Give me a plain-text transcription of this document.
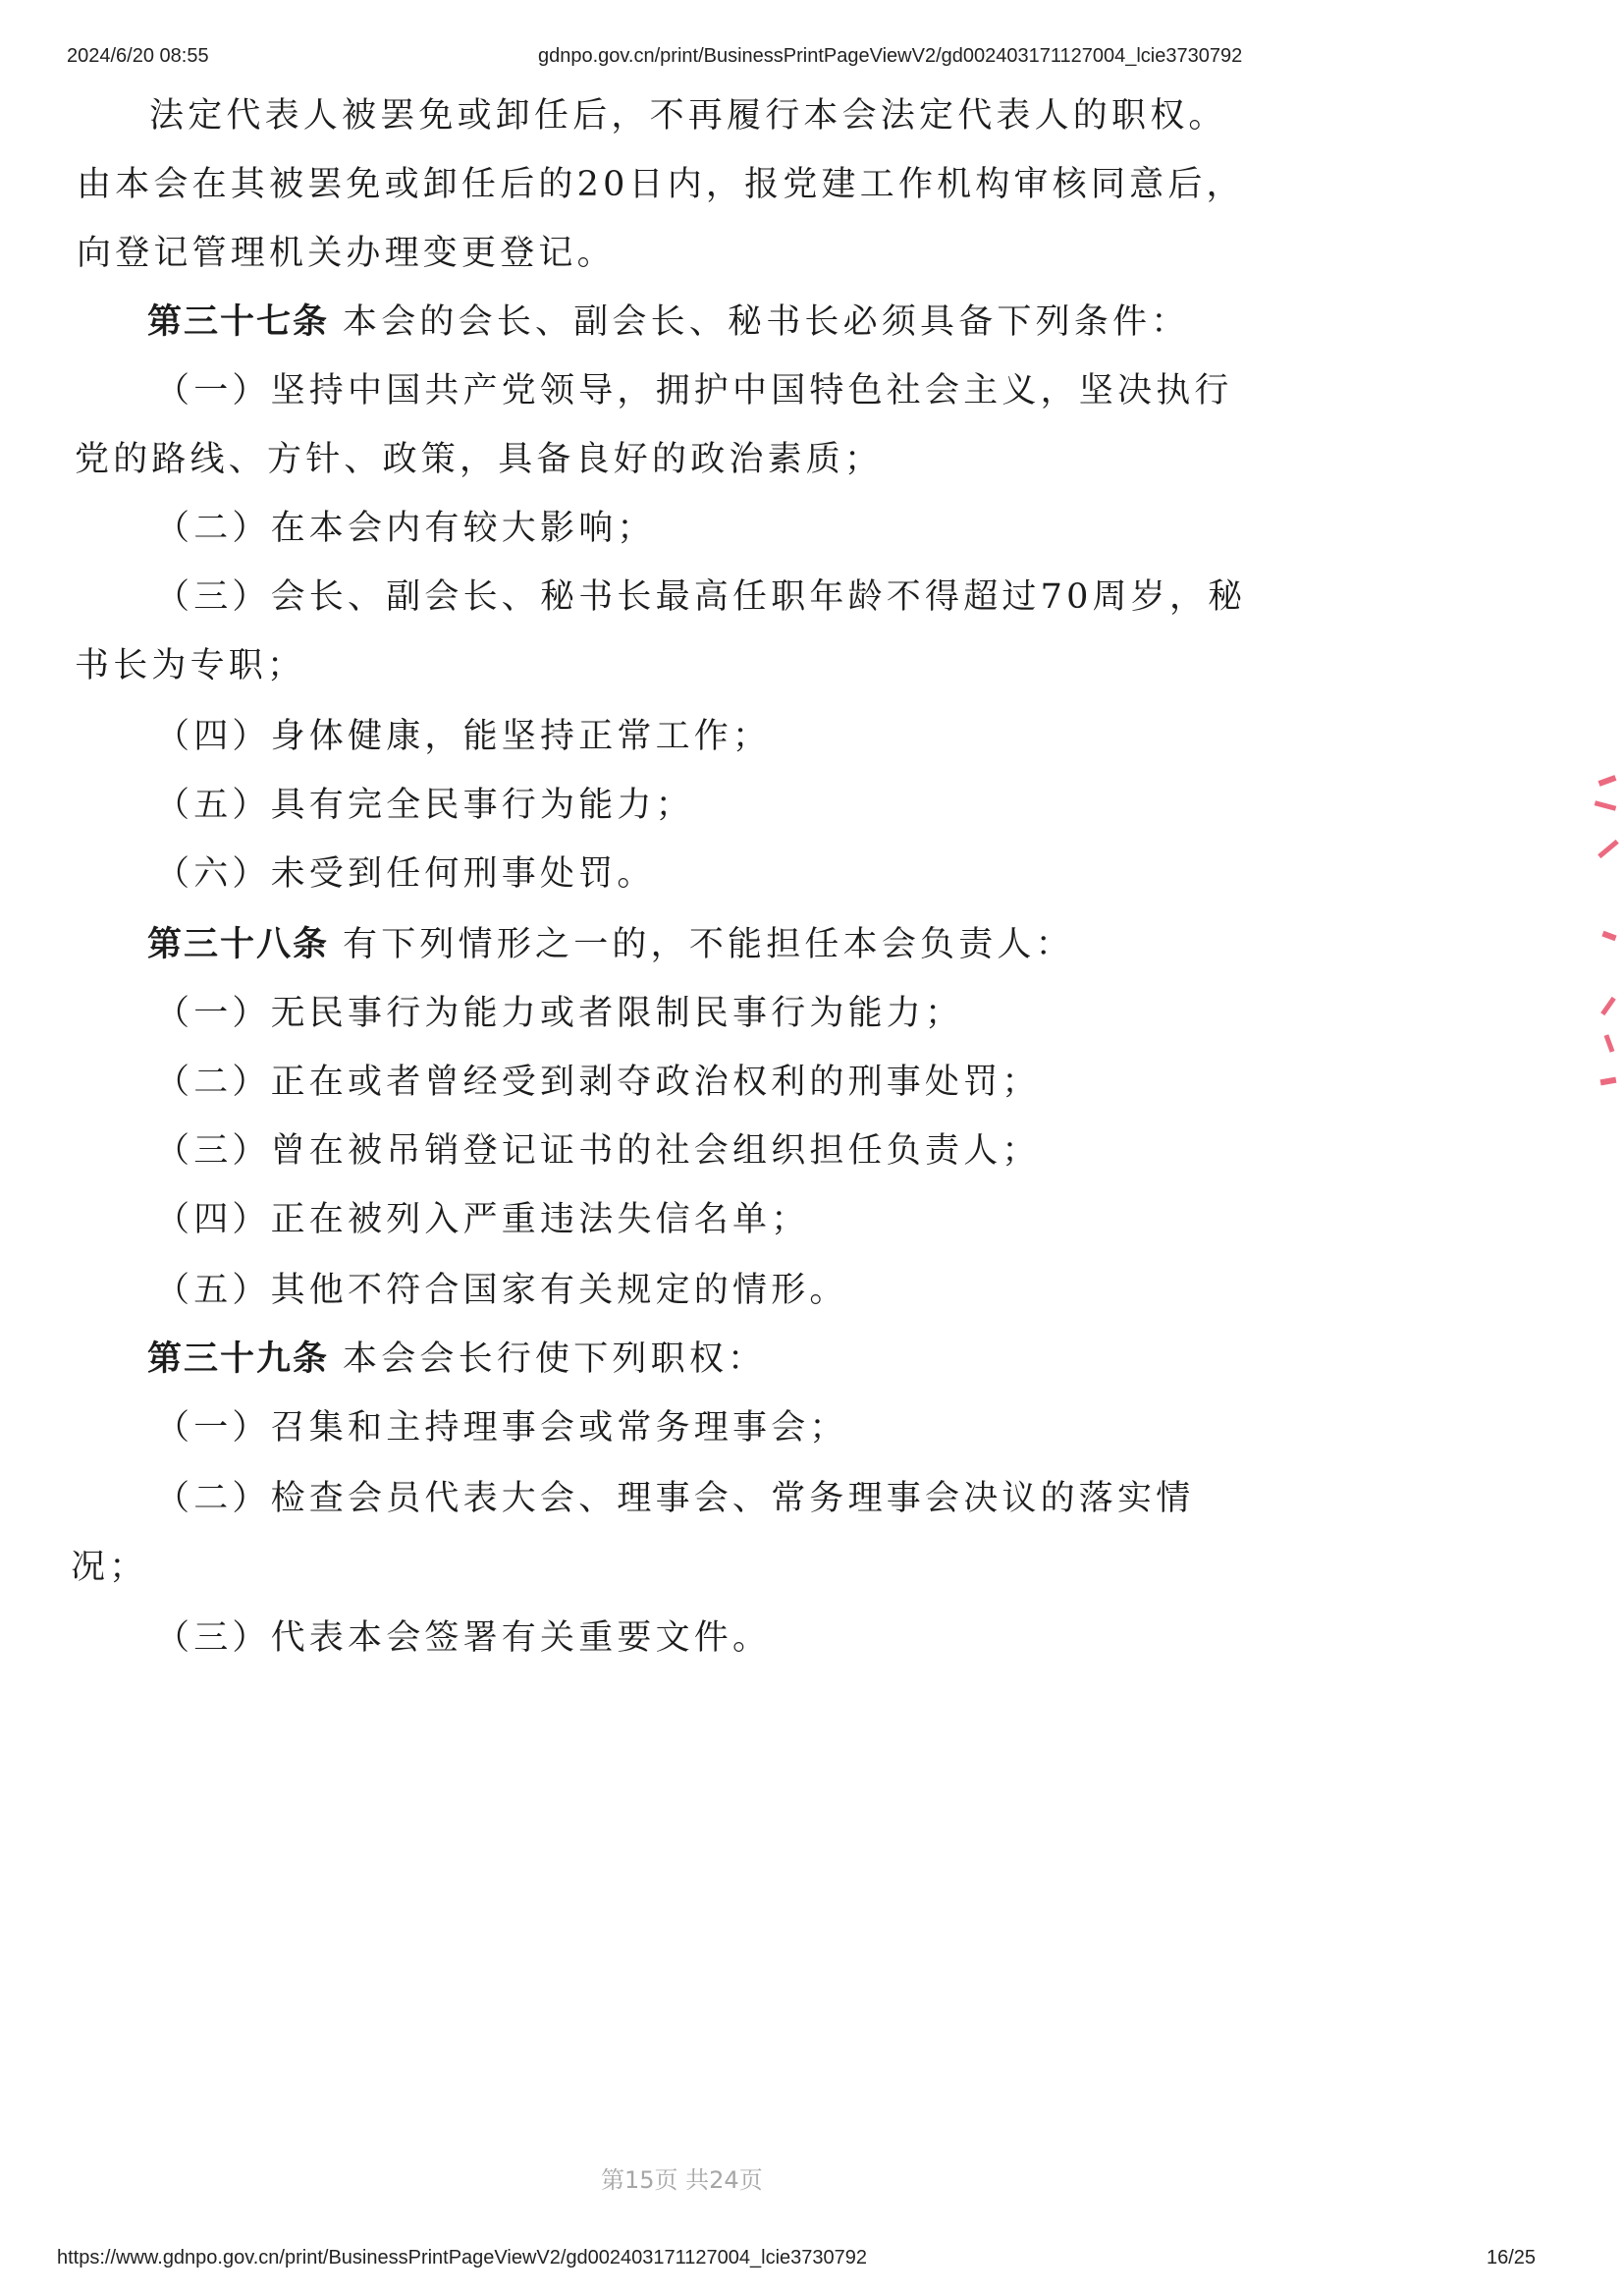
2024/6/20 08:55	gdnpo.gov.cn/print/BusinessPrintPageViewV2/gd002403171127004_lcie3730792
法定代表人被罢免或卸任后，不再履行本会法定代表人的职权。
由本会在其被罢免或卸任后的20日内，报党建工作机构审核同意后，
向登记管理机关办理变更登记。
第三十七条 本会的会长、副会长、秘书长必须具备下列条件：
（一）坚持中国共产党领导，拥护中国特色社会主义，坚决执行
党的路线、方针、政策，具备良好的政治素质；
（二）在本会内有较大影响；
（三）会长、副会长、秘书长最高任职年龄不得超过70周岁，秘
书长为专职；
（四）身体健康，能坚持正常工作；
（五）具有完全民事行为能力；
（六）未受到任何刑事处罚。
第三十八条 有下列情形之一的，不能担任本会负责人：
（一）无民事行为能力或者限制民事行为能力；
（二）正在或者曾经受到剥夺政治权利的刑事处罚；
（三）曾在被吊销登记证书的社会组织担任负责人；
（四）正在被列入严重违法失信名单；
（五）其他不符合国家有关规定的情形。
第三十九条 本会会长行使下列职权：
（一）召集和主持理事会或常务理事会；
（二）检查会员代表大会、理事会、常务理事会决议的落实情
况；
（三）代表本会签署有关重要文件。
第15页 共24页
https://www.gdnpo.gov.cn/print/BusinessPrintPageViewV2/gd002403171127004_lcie3730792	16/25
